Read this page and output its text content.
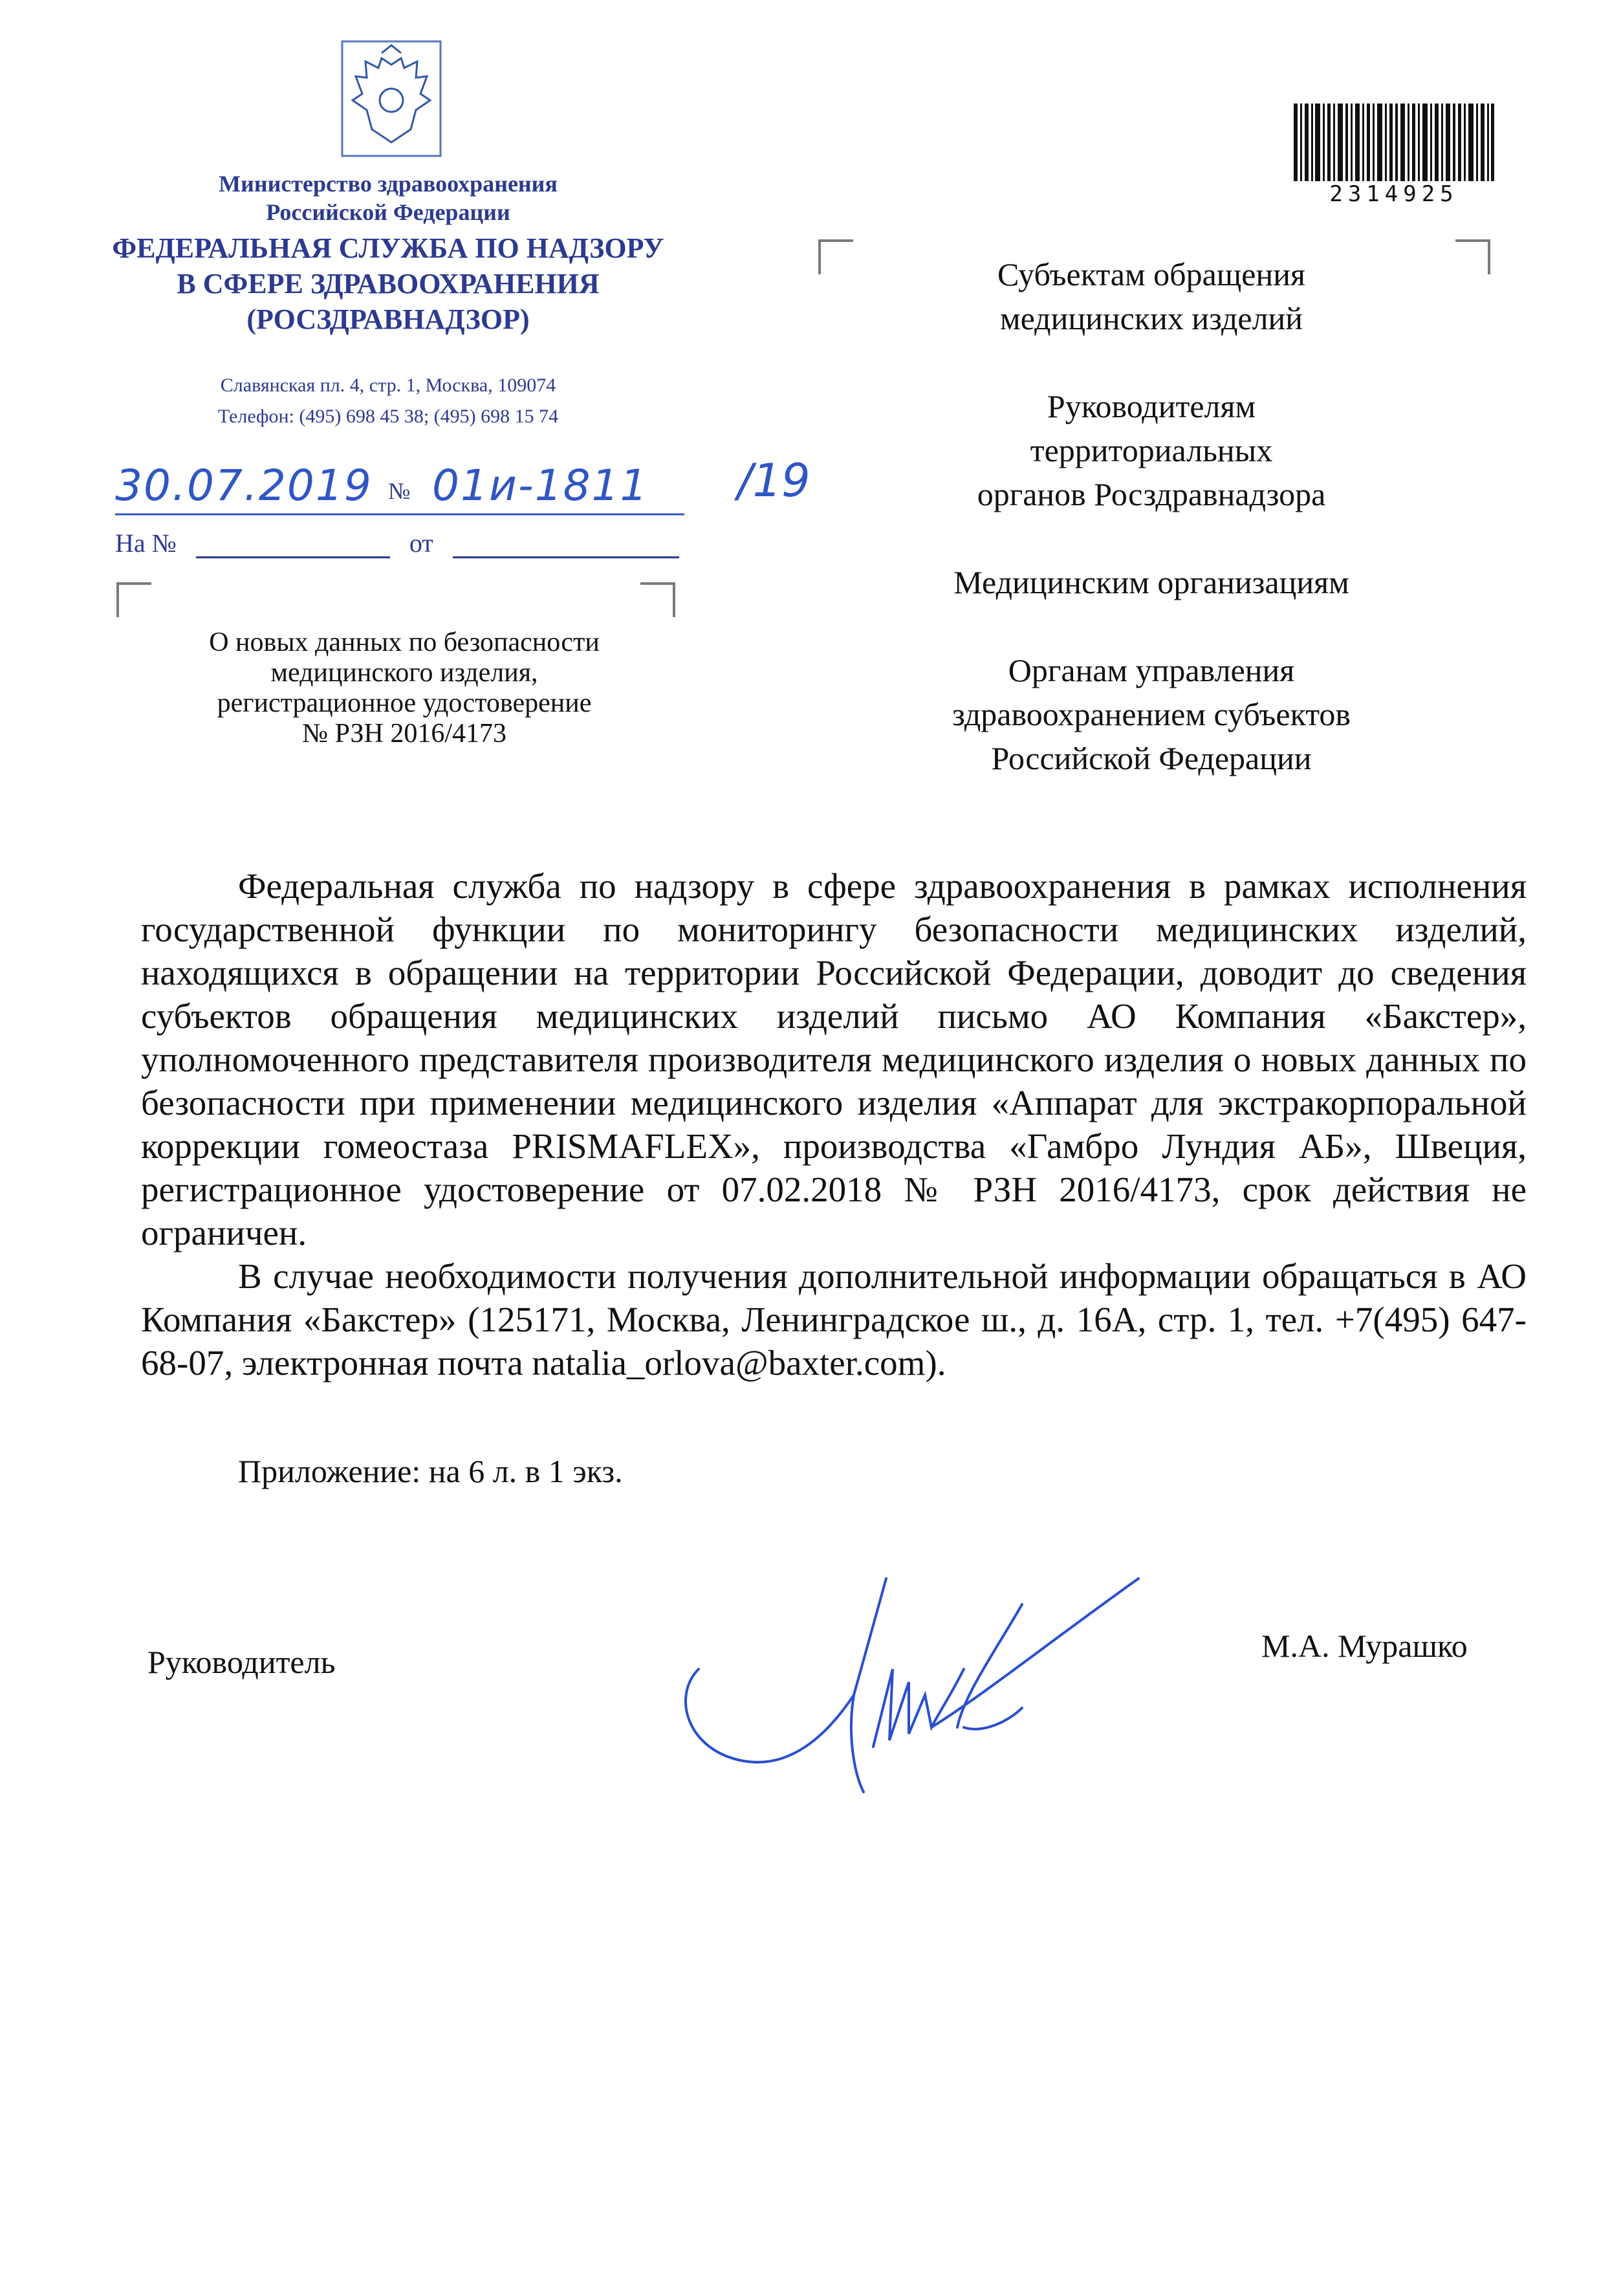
Министерство здравоохранения
Российской Федерации
ФЕДЕРАЛЬНАЯ СЛУЖБА ПО НАДЗОРУ
В СФЕРЕ ЗДРАВООХРАНЕНИЯ
(РОСЗДРАВНАДЗОР)
Славянская пл. 4, стр. 1, Москва, 109074
Телефон: (495) 698 45 38; (495) 698 15 74
30.07.2019 № 01и-1811 /19
На №	от
О новых данных по безопасности
медицинского изделия,
регистрационное удостоверение
№ РЗН 2016/4173
2314925
Субъектам обращения
медицинских изделий
Руководителям
территориальных
органов Росздравнадзора
Медицинским организациям
Органам управления
здравоохранением субъектов
Российской Федерации

Федеральная служба по надзору в сфере здравоохранения в рамках исполнения государственной функции по мониторингу безопасности медицинских изделий, находящихся в обращении на территории Российской Федерации, доводит до сведения субъектов обращения медицинских изделий письмо АО Компания «Бакстер», уполномоченного представителя производителя медицинского изделия о новых данных по безопасности при применении медицинского изделия «Аппарат для экстракорпоральной коррекции гомеостаза PRISMAFLEX», производства «Гамбро Лундия АБ», Швеция, регистрационное удостоверение от 07.02.2018 № РЗН 2016/4173, срок действия не ограничен.

В случае необходимости получения дополнительной информации обращаться в АО Компания «Бакстер» (125171, Москва, Ленинградское ш., д. 16А, стр. 1, тел. +7(495) 647-68-07, электронная почта natalia_orlova@baxter.com).

Приложение: на 6 л. в 1 экз.
Руководитель	М.А. Мурашко
